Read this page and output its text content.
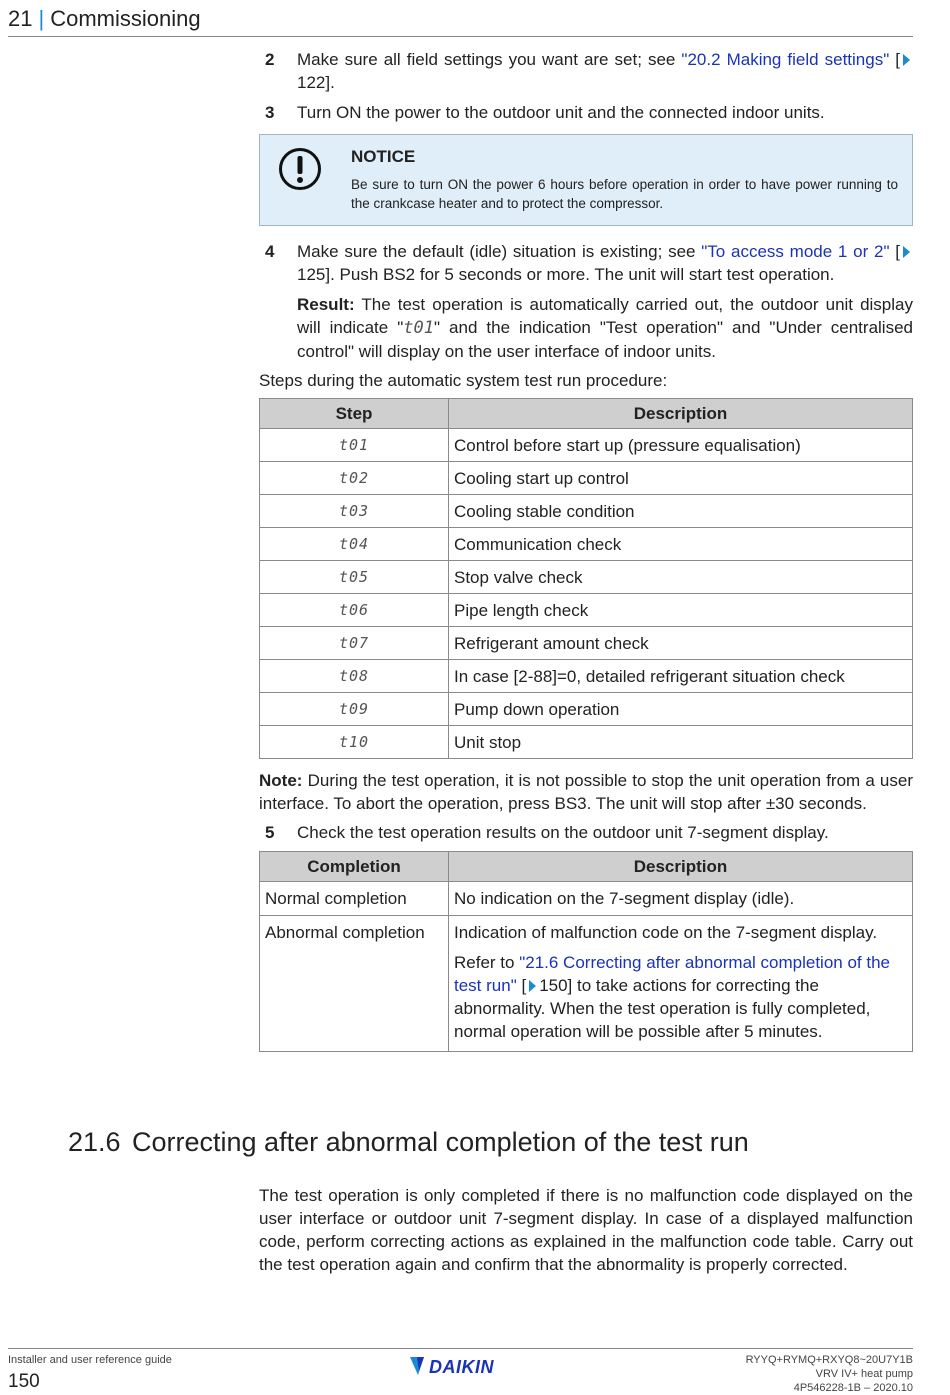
21 | Commissioning
2 Make sure all field settings you want are set; see "20.2 Making field settings" [122].
3 Turn ON the power to the outdoor unit and the connected indoor units.
NOTICE
Be sure to turn ON the power 6 hours before operation in order to have power running to the crankcase heater and to protect the compressor.
4 Make sure the default (idle) situation is existing; see "To access mode 1 or 2" [125]. Push BS2 for 5 seconds or more. The unit will start test operation.
Result: The test operation is automatically carried out, the outdoor unit display will indicate "t01" and the indication "Test operation" and "Under centralised control" will display on the user interface of indoor units.
Steps during the automatic system test run procedure:
Step	Description
t01	Control before start up (pressure equalisation)
t02	Cooling start up control
t03	Cooling stable condition
t04	Communication check
t05	Stop valve check
t06	Pipe length check
t07	Refrigerant amount check
t08	In case [2-88]=0, detailed refrigerant situation check
t09	Pump down operation
t10	Unit stop
Note: During the test operation, it is not possible to stop the unit operation from a user interface. To abort the operation, press BS3. The unit will stop after ±30 seconds.
5 Check the test operation results on the outdoor unit 7-segment display.
Completion	Description
Normal completion	No indication on the 7-segment display (idle).
Abnormal completion	Indication of malfunction code on the 7-segment display.

Refer to "21.6 Correcting after abnormal completion of the test run" [ 150] to take actions for correcting the abnormality. When the test operation is fully completed, normal operation will be possible after 5 minutes.

21.6 Correcting after abnormal completion of the test run
The test operation is only completed if there is no malfunction code displayed on the user interface or outdoor unit 7-segment display. In case of a displayed malfunction code, perform correcting actions as explained in the malfunction code table. Carry out the test operation again and confirm that the abnormality is properly corrected.
Installer and user reference guide
150
DAIKIN	RYYQ+RYMQ+RXYQ8~20U7Y1B
VRV IV+ heat pump
4P546228-1B – 2020.10
